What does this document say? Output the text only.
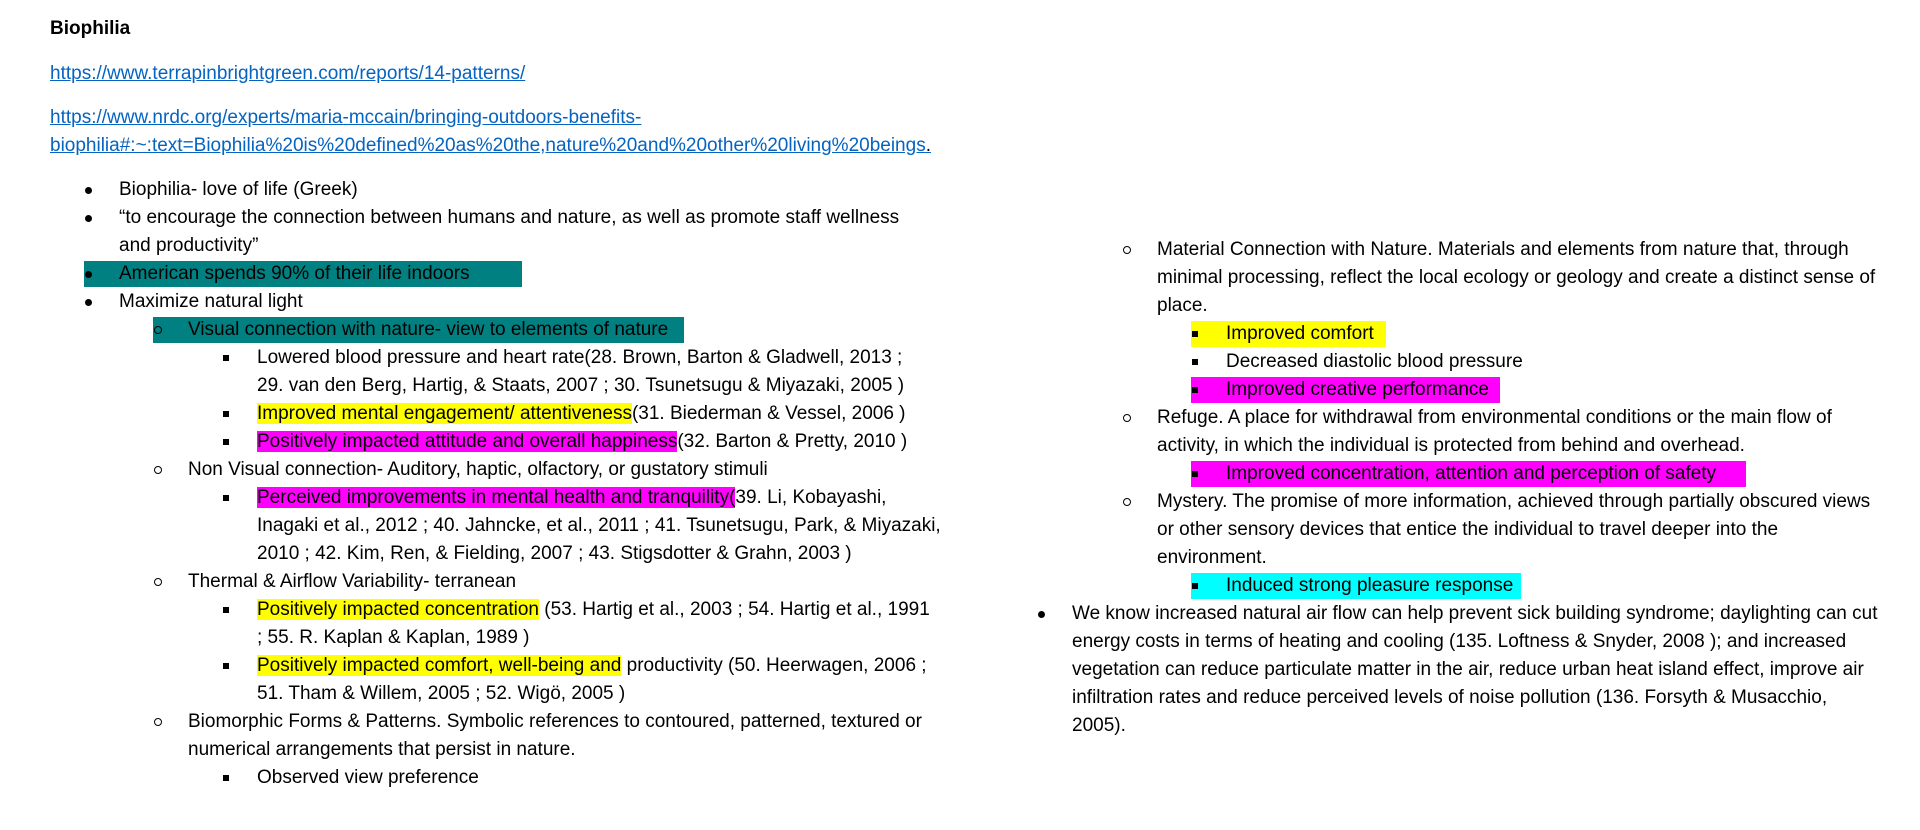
Biophilia
https://www.terrapinbrightgreen.com/reports/14-patterns/
https://www.nrdc.org/experts/maria-mccain/bringing-outdoors-benefits-
biophilia#:~:text=Biophilia%20is%20defined%20as%20the,nature%20and%20other%20living%20beings.
Biophilia- love of life (Greek)
“to encourage the connection between humans and nature, as well as promote staff wellness
and productivity”
American spends 90% of their life indoors
Maximize natural light
Visual connection with nature- view to elements of nature
Lowered blood pressure and heart rate(28. Brown, Barton & Gladwell, 2013 ;
29. van den Berg, Hartig, & Staats, 2007 ; 30. Tsunetsugu & Miyazaki, 2005 )
Improved mental engagement/ attentiveness(31. Biederman & Vessel, 2006 )
Positively impacted attitude and overall happiness(32. Barton & Pretty, 2010 )
Non Visual connection- Auditory, haptic, olfactory, or gustatory stimuli
Perceived improvements in mental health and tranquility(39. Li, Kobayashi,
Inagaki et al., 2012 ; 40. Jahncke, et al., 2011 ; 41. Tsunetsugu, Park, & Miyazaki,
2010 ; 42. Kim, Ren, & Fielding, 2007 ; 43. Stigsdotter & Grahn, 2003 )
Thermal & Airflow Variability- terranean
Positively impacted concentration (53. Hartig et al., 2003 ; 54. Hartig et al., 1991
; 55. R. Kaplan & Kaplan, 1989 )
Positively impacted comfort, well-being and productivity (50. Heerwagen, 2006 ;
51. Tham & Willem, 2005 ; 52. Wigö, 2005 )
Biomorphic Forms & Patterns. Symbolic references to contoured, patterned, textured or
numerical arrangements that persist in nature.
Observed view preference
Material Connection with Nature. Materials and elements from nature that, through
minimal processing, reflect the local ecology or geology and create a distinct sense of
place.
Improved comfort
Decreased diastolic blood pressure
Improved creative performance
Refuge. A place for withdrawal from environmental conditions or the main flow of
activity, in which the individual is protected from behind and overhead.
Improved concentration, attention and perception of safety
Mystery. The promise of more information, achieved through partially obscured views
or other sensory devices that entice the individual to travel deeper into the
environment.
Induced strong pleasure response
We know increased natural air flow can help prevent sick building syndrome; daylighting can cut
energy costs in terms of heating and cooling (135. Loftness & Snyder, 2008 ); and increased
vegetation can reduce particulate matter in the air, reduce urban heat island effect, improve air
infiltration rates and reduce perceived levels of noise pollution (136. Forsyth & Musacchio,
2005).
